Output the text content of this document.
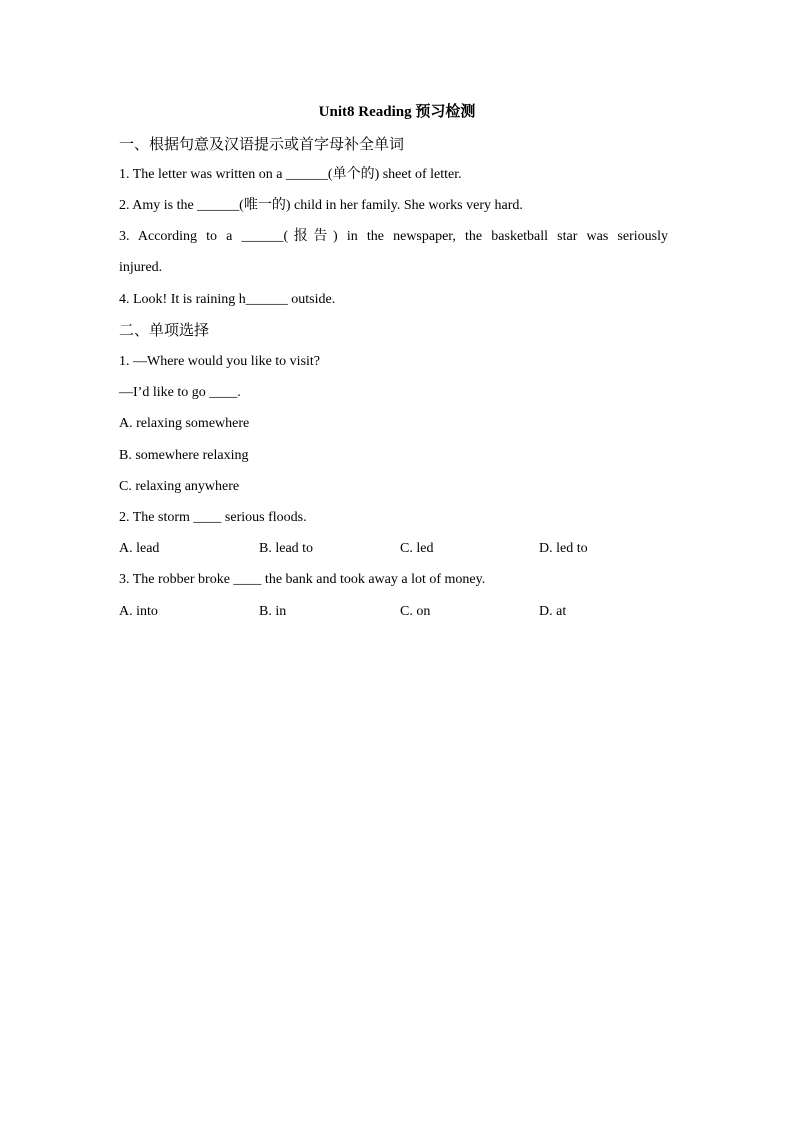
Unit8 Reading 预习检测
一、根据句意及汉语提示或首字母补全单词
1. The letter was written on a ______(单个的) sheet of letter.
2. Amy is the ______(唯一的) child in her family. She works very hard.
3. According to a ______(报告) in the newspaper, the basketball star was seriously
injured.
4. Look! It is raining h______ outside.
二、单项选择
1. —Where would you like to visit?
—I’d like to go ____.
A. relaxing somewhere
B. somewhere relaxing
C. relaxing anywhere
2. The storm ____ serious floods.
A. lead	B. lead to	C. led	D. led to
3. The robber broke ____ the bank and took away a lot of money.
A. into	B. in	C. on	D. at
